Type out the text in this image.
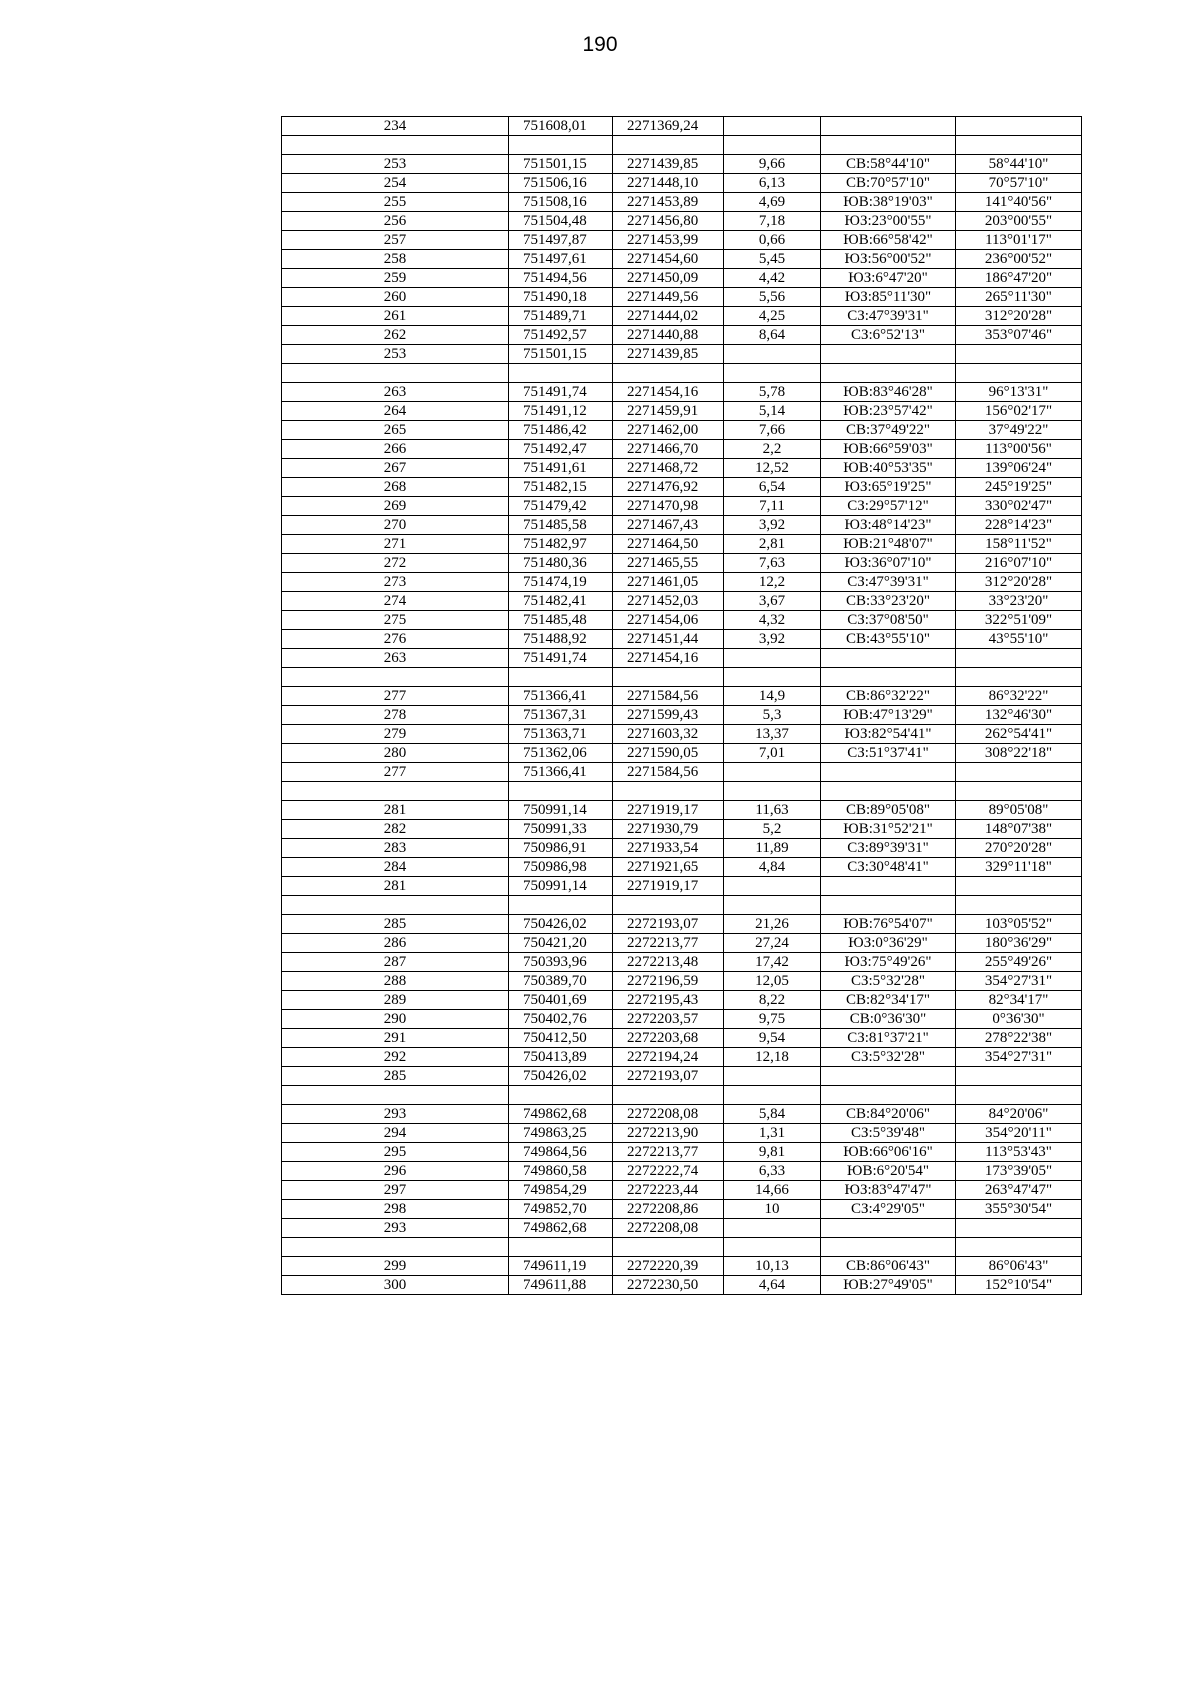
190
234	751608,01	2271369,24			

253	751501,15	2271439,85	9,66	СВ:58°44'10"	58°44'10"
254	751506,16	2271448,10	6,13	СВ:70°57'10"	70°57'10"
255	751508,16	2271453,89	4,69	ЮВ:38°19'03"	141°40'56"
256	751504,48	2271456,80	7,18	ЮЗ:23°00'55"	203°00'55"
257	751497,87	2271453,99	0,66	ЮВ:66°58'42"	113°01'17"
258	751497,61	2271454,60	5,45	ЮЗ:56°00'52"	236°00'52"
259	751494,56	2271450,09	4,42	ЮЗ:6°47'20"	186°47'20"
260	751490,18	2271449,56	5,56	ЮЗ:85°11'30"	265°11'30"
261	751489,71	2271444,02	4,25	СЗ:47°39'31"	312°20'28"
262	751492,57	2271440,88	8,64	СЗ:6°52'13"	353°07'46"
253	751501,15	2271439,85			

263	751491,74	2271454,16	5,78	ЮВ:83°46'28"	96°13'31"
264	751491,12	2271459,91	5,14	ЮВ:23°57'42"	156°02'17"
265	751486,42	2271462,00	7,66	СВ:37°49'22"	37°49'22"
266	751492,47	2271466,70	2,2	ЮВ:66°59'03"	113°00'56"
267	751491,61	2271468,72	12,52	ЮВ:40°53'35"	139°06'24"
268	751482,15	2271476,92	6,54	ЮЗ:65°19'25"	245°19'25"
269	751479,42	2271470,98	7,11	СЗ:29°57'12"	330°02'47"
270	751485,58	2271467,43	3,92	ЮЗ:48°14'23"	228°14'23"
271	751482,97	2271464,50	2,81	ЮВ:21°48'07"	158°11'52"
272	751480,36	2271465,55	7,63	ЮЗ:36°07'10"	216°07'10"
273	751474,19	2271461,05	12,2	СЗ:47°39'31"	312°20'28"
274	751482,41	2271452,03	3,67	СВ:33°23'20"	33°23'20"
275	751485,48	2271454,06	4,32	СЗ:37°08'50"	322°51'09"
276	751488,92	2271451,44	3,92	СВ:43°55'10"	43°55'10"
263	751491,74	2271454,16			

277	751366,41	2271584,56	14,9	СВ:86°32'22"	86°32'22"
278	751367,31	2271599,43	5,3	ЮВ:47°13'29"	132°46'30"
279	751363,71	2271603,32	13,37	ЮЗ:82°54'41"	262°54'41"
280	751362,06	2271590,05	7,01	СЗ:51°37'41"	308°22'18"
277	751366,41	2271584,56			

281	750991,14	2271919,17	11,63	СВ:89°05'08"	89°05'08"
282	750991,33	2271930,79	5,2	ЮВ:31°52'21"	148°07'38"
283	750986,91	2271933,54	11,89	СЗ:89°39'31"	270°20'28"
284	750986,98	2271921,65	4,84	СЗ:30°48'41"	329°11'18"
281	750991,14	2271919,17			

285	750426,02	2272193,07	21,26	ЮВ:76°54'07"	103°05'52"
286	750421,20	2272213,77	27,24	ЮЗ:0°36'29"	180°36'29"
287	750393,96	2272213,48	17,42	ЮЗ:75°49'26"	255°49'26"
288	750389,70	2272196,59	12,05	СЗ:5°32'28"	354°27'31"
289	750401,69	2272195,43	8,22	СВ:82°34'17"	82°34'17"
290	750402,76	2272203,57	9,75	СВ:0°36'30"	0°36'30"
291	750412,50	2272203,68	9,54	СЗ:81°37'21"	278°22'38"
292	750413,89	2272194,24	12,18	СЗ:5°32'28"	354°27'31"
285	750426,02	2272193,07			

293	749862,68	2272208,08	5,84	СВ:84°20'06"	84°20'06"
294	749863,25	2272213,90	1,31	СЗ:5°39'48"	354°20'11"
295	749864,56	2272213,77	9,81	ЮВ:66°06'16"	113°53'43"
296	749860,58	2272222,74	6,33	ЮВ:6°20'54"	173°39'05"
297	749854,29	2272223,44	14,66	ЮЗ:83°47'47"	263°47'47"
298	749852,70	2272208,86	10	СЗ:4°29'05"	355°30'54"
293	749862,68	2272208,08			

299	749611,19	2272220,39	10,13	СВ:86°06'43"	86°06'43"
300	749611,88	2272230,50	4,64	ЮВ:27°49'05"	152°10'54"
